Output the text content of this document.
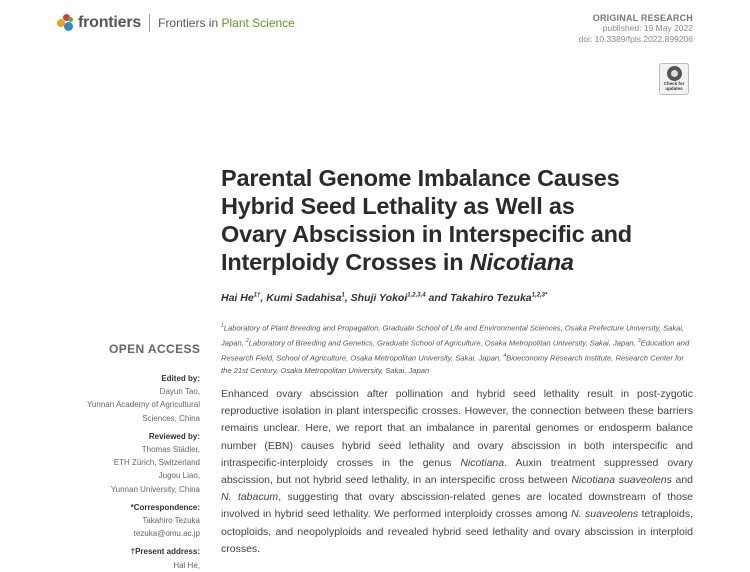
frontiers Frontiers in Plant Science	ORIGINAL RESEARCH
published: 19 May 2022
doi: 10.3389/fpls.2022.899206
Check for
updates
Parental Genome Imbalance Causes
Hybrid Seed Lethality as Well as
Ovary Abscission in Interspecific and
Interploidy Crosses in Nicotiana
Hai $He^{1\dagger}$, Kumi Sadahisa$^1$, Shuji Yokoi$^{1,2,3,4}$ and Takahiro Tezuka$^{1,2,3*}$
$^1$Laboratory of Plant Breeding and Propagation, Graduate School of Life and Environmental Sciences, Osaka Prefecture University, Sakai, Japan, $^2$Laboratory of Breeding and Genetics, Graduate School of Agriculture, Osaka Metropolitan University, Sakai, Japan, $^3$Education and Research Field, School of Agriculture, Osaka Metropolitan University, Sakai, Japan, $^4$Bioeconomy Research Institute, Research Center for the 21st Century, Osaka Metropolitan University, Sakai, Japan
OPEN ACCESS
Edited by:
Dayun Tao,
Yunnan Academy of Agricultural
Sciences, China
Reviewed by:
Thomas Städler,
ETH Zürich, Switzerland
Jugou Liao,
Yunnan University, China
*Correspondence:
Takahiro Tezuka
tezuka@omu.ac.jp
†Present address:
Hai He,

Enhanced ovary abscission after pollination and hybrid seed lethality result in post-zygotic reproductive isolation in plant interspecific crosses. However, the connection between these barriers remains unclear. Here, we report that an imbalance in parental genomes or endosperm balance number (EBN) causes hybrid seed lethality and ovary abscission in both interspecific and intraspecific-interploidy crosses in the genus Nicotiana. Auxin treatment suppressed ovary abscission, but not hybrid seed lethality, in an interspecific cross between Nicotiana suaveolens and N. tabacum, suggesting that ovary abscission-related genes are located downstream of those involved in hybrid seed lethality. We performed interploidy crosses among N. suaveolens tetraploids, octoploids, and neopolyploids and revealed hybrid seed lethality and ovary abscission in interploid crosses.
